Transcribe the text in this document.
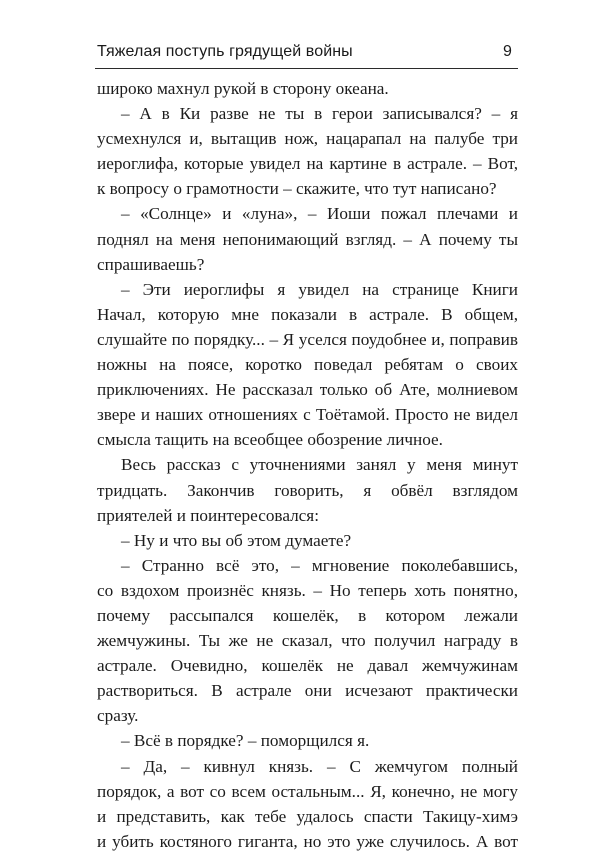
Тяжелая поступь грядущей войны	9
широко махнул рукой в сторону океана.
– А в Ки разве не ты в герои записывался? – я
усмехнулся и, вытащив нож, нацарапал на палубе три
иероглифа, которые увидел на картине в астрале. – Вот,
к вопросу о грамотности – скажите, что тут написано?
– «Солнце» и «луна», – Иоши пожал плечами и
поднял на меня непонимающий взгляд. – А почему ты
спрашиваешь?
– Эти иероглифы я увидел на странице Книги
Начал, которую мне показали в астрале. В общем,
слушайте по порядку... – Я уселся поудобнее и, поправив
ножны на поясе, коротко поведал ребятам о своих
приключениях. Не рассказал только об Ате, молниевом
звере и наших отношениях с Тоётамой. Просто не видел
смысла тащить на всеобщее обозрение личное.
Весь рассказ с уточнениями занял у меня минут
тридцать. Закончив говорить, я обвёл взглядом
приятелей и поинтересовался:
– Ну и что вы об этом думаете?
– Странно всё это, – мгновение поколебавшись,
со вздохом произнёс князь. – Но теперь хоть понятно,
почему рассыпался кошелёк, в котором лежали
жемчужины. Ты же не сказал, что получил награду в
астрале. Очевидно, кошелёк не давал жемчужинам
раствориться. В астрале они исчезают практически
сразу.
– Всё в порядке? – поморщился я.
– Да, – кивнул князь. – С жемчугом полный
порядок, а вот со всем остальным... Я, конечно, не могу
и представить, как тебе удалось спасти Такицу-химэ
и убить костяного гиганта, но это уже случилось. А вот
